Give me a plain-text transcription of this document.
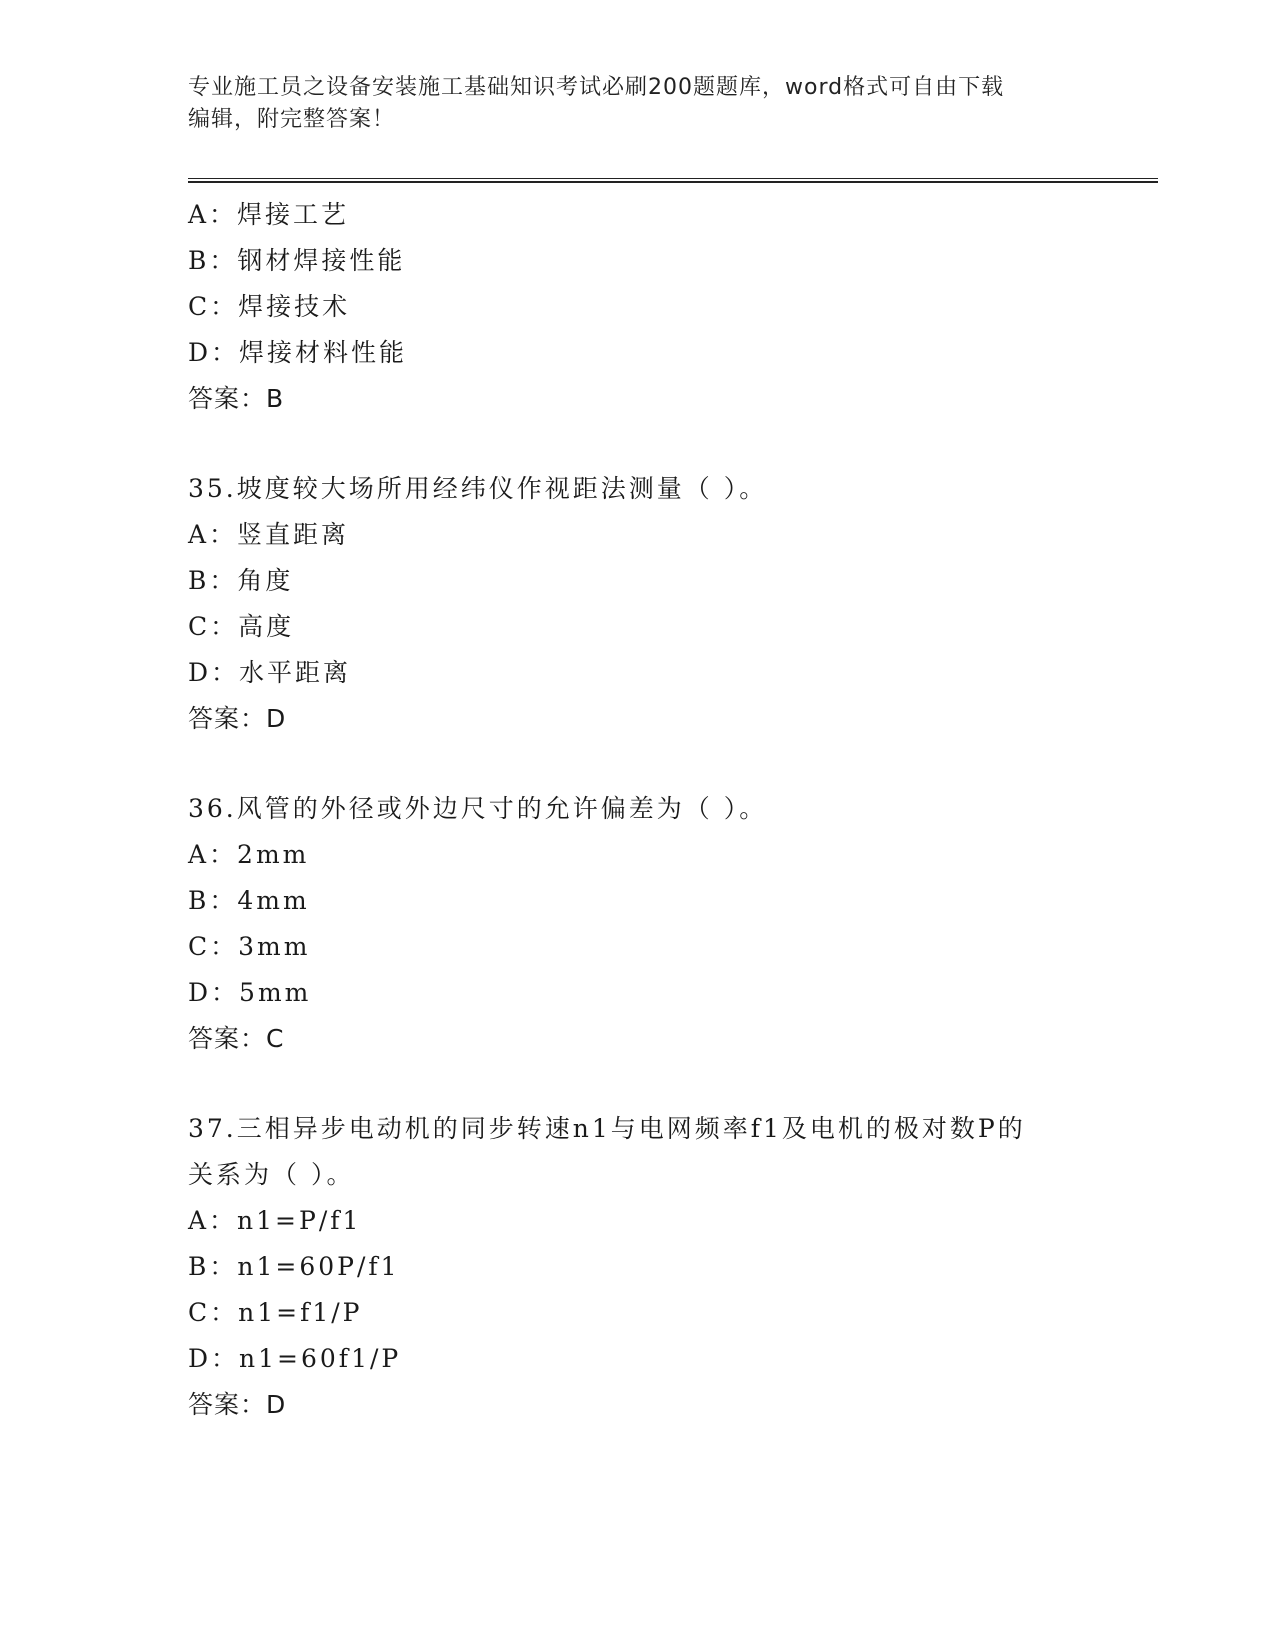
专业施工员之设备安装施工基础知识考试必刷200题题库，word格式可自由下载
编辑，附完整答案！
A：焊接工艺
B：钢材焊接性能
C：焊接技术
D：焊接材料性能
答案：B
35.坡度较大场所用经纬仪作视距法测量（ ）。
A：竖直距离
B：角度
C：高度
D：水平距离
答案：D
36.风管的外径或外边尺寸的允许偏差为（ ）。
A：2mm
B：4mm
C：3mm
D：5mm
答案：C
37.三相异步电动机的同步转速n1与电网频率f1及电机的极对数P的
关系为（ ）。
A：n1=P/f1
B：n1=60P/f1
C：n1=f1/P
D：n1=60f1/P
答案：D
